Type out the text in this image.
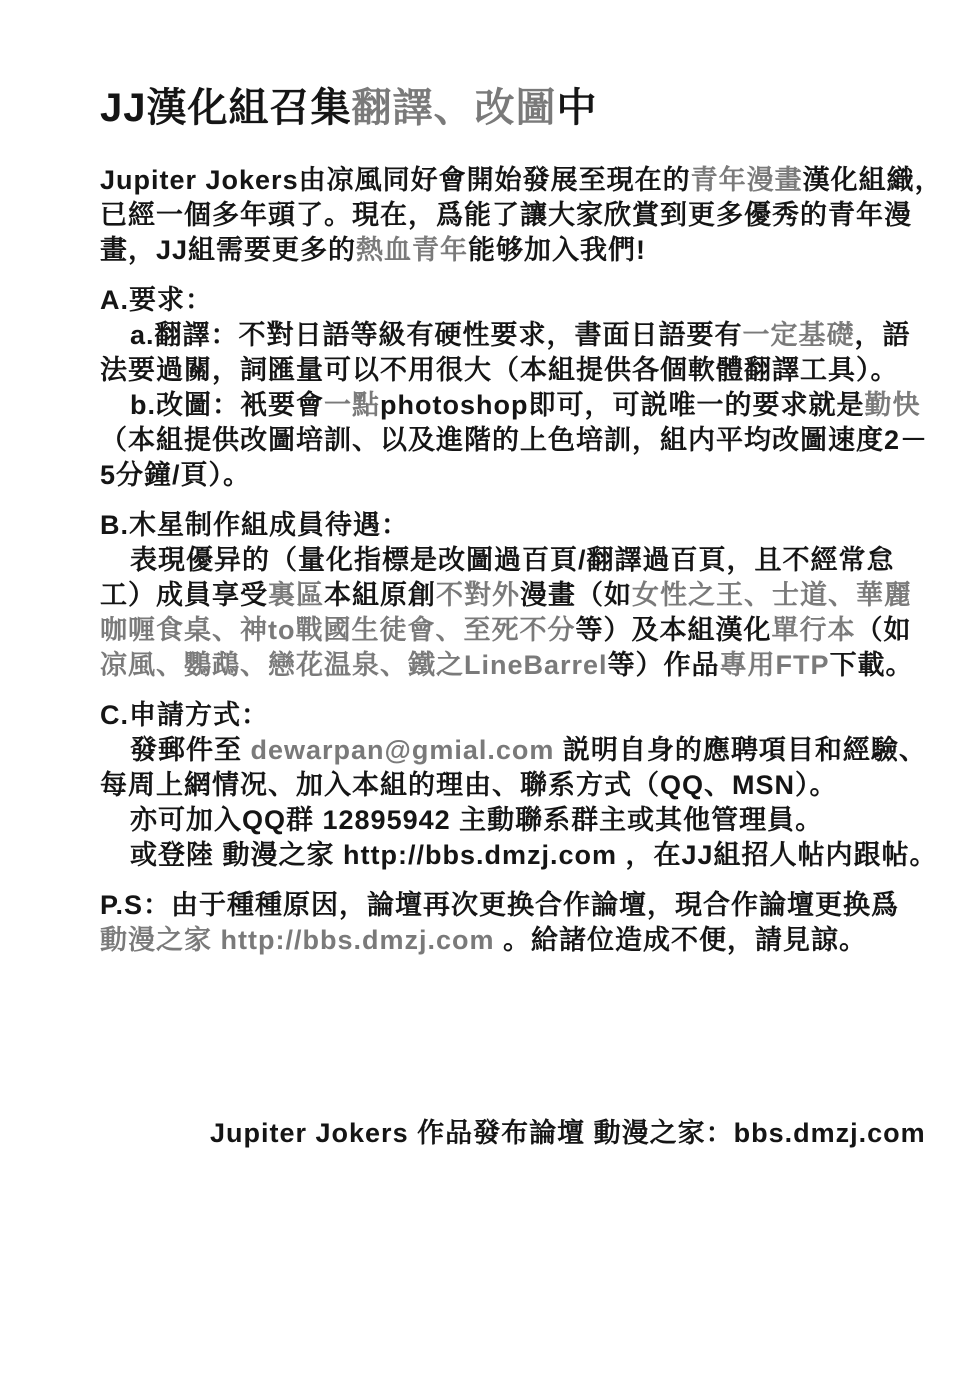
JJ漢化組召集翻譯、改圖中
Jupiter Jokers由凉風同好會開始發展至現在的青年漫畫漢化組織，
已經一個多年頭了。現在，爲能了讓大家欣賞到更多優秀的青年漫
畫，JJ組需要更多的熱血青年能够加入我們!
A.要求：
a.翻譯：不對日語等級有硬性要求，書面日語要有一定基礎，語
法要過關，詞匯量可以不用很大（本組提供各個軟體翻譯工具）。
b.改圖：衹要會一點photoshop即可，可説唯一的要求就是勤快
（本組提供改圖培訓、以及進階的上色培訓，組内平均改圖速度2－
5分鐘/頁）。
B.木星制作組成員待遇：
表現優异的（量化指標是改圖過百頁/翻譯過百頁，且不經常怠
工）成員享受裏區本組原創不對外漫畫（如女性之王、士道、華麗
咖喱食桌、神to戰國生徒會、至死不分等）及本組漢化單行本（如
凉風、鸚鵡、戀花温泉、鐵之LineBarrel等）作品專用FTP下載。
C.申請方式：
發郵件至 dewarpan@gmial.com 説明自身的應聘項目和經驗、
每周上網情况、加入本組的理由、聯系方式（QQ、MSN）。
亦可加入QQ群 12895942 主動聯系群主或其他管理員。
或登陸 動漫之家 http://bbs.dmzj.com ，在JJ組招人帖内跟帖。
P.S：由于種種原因，論壇再次更换合作論壇，現合作論壇更换爲
動漫之家 http://bbs.dmzj.com 。給諸位造成不便，請見諒。
Jupiter Jokers 作品發布論壇 動漫之家：bbs.dmzj.com
